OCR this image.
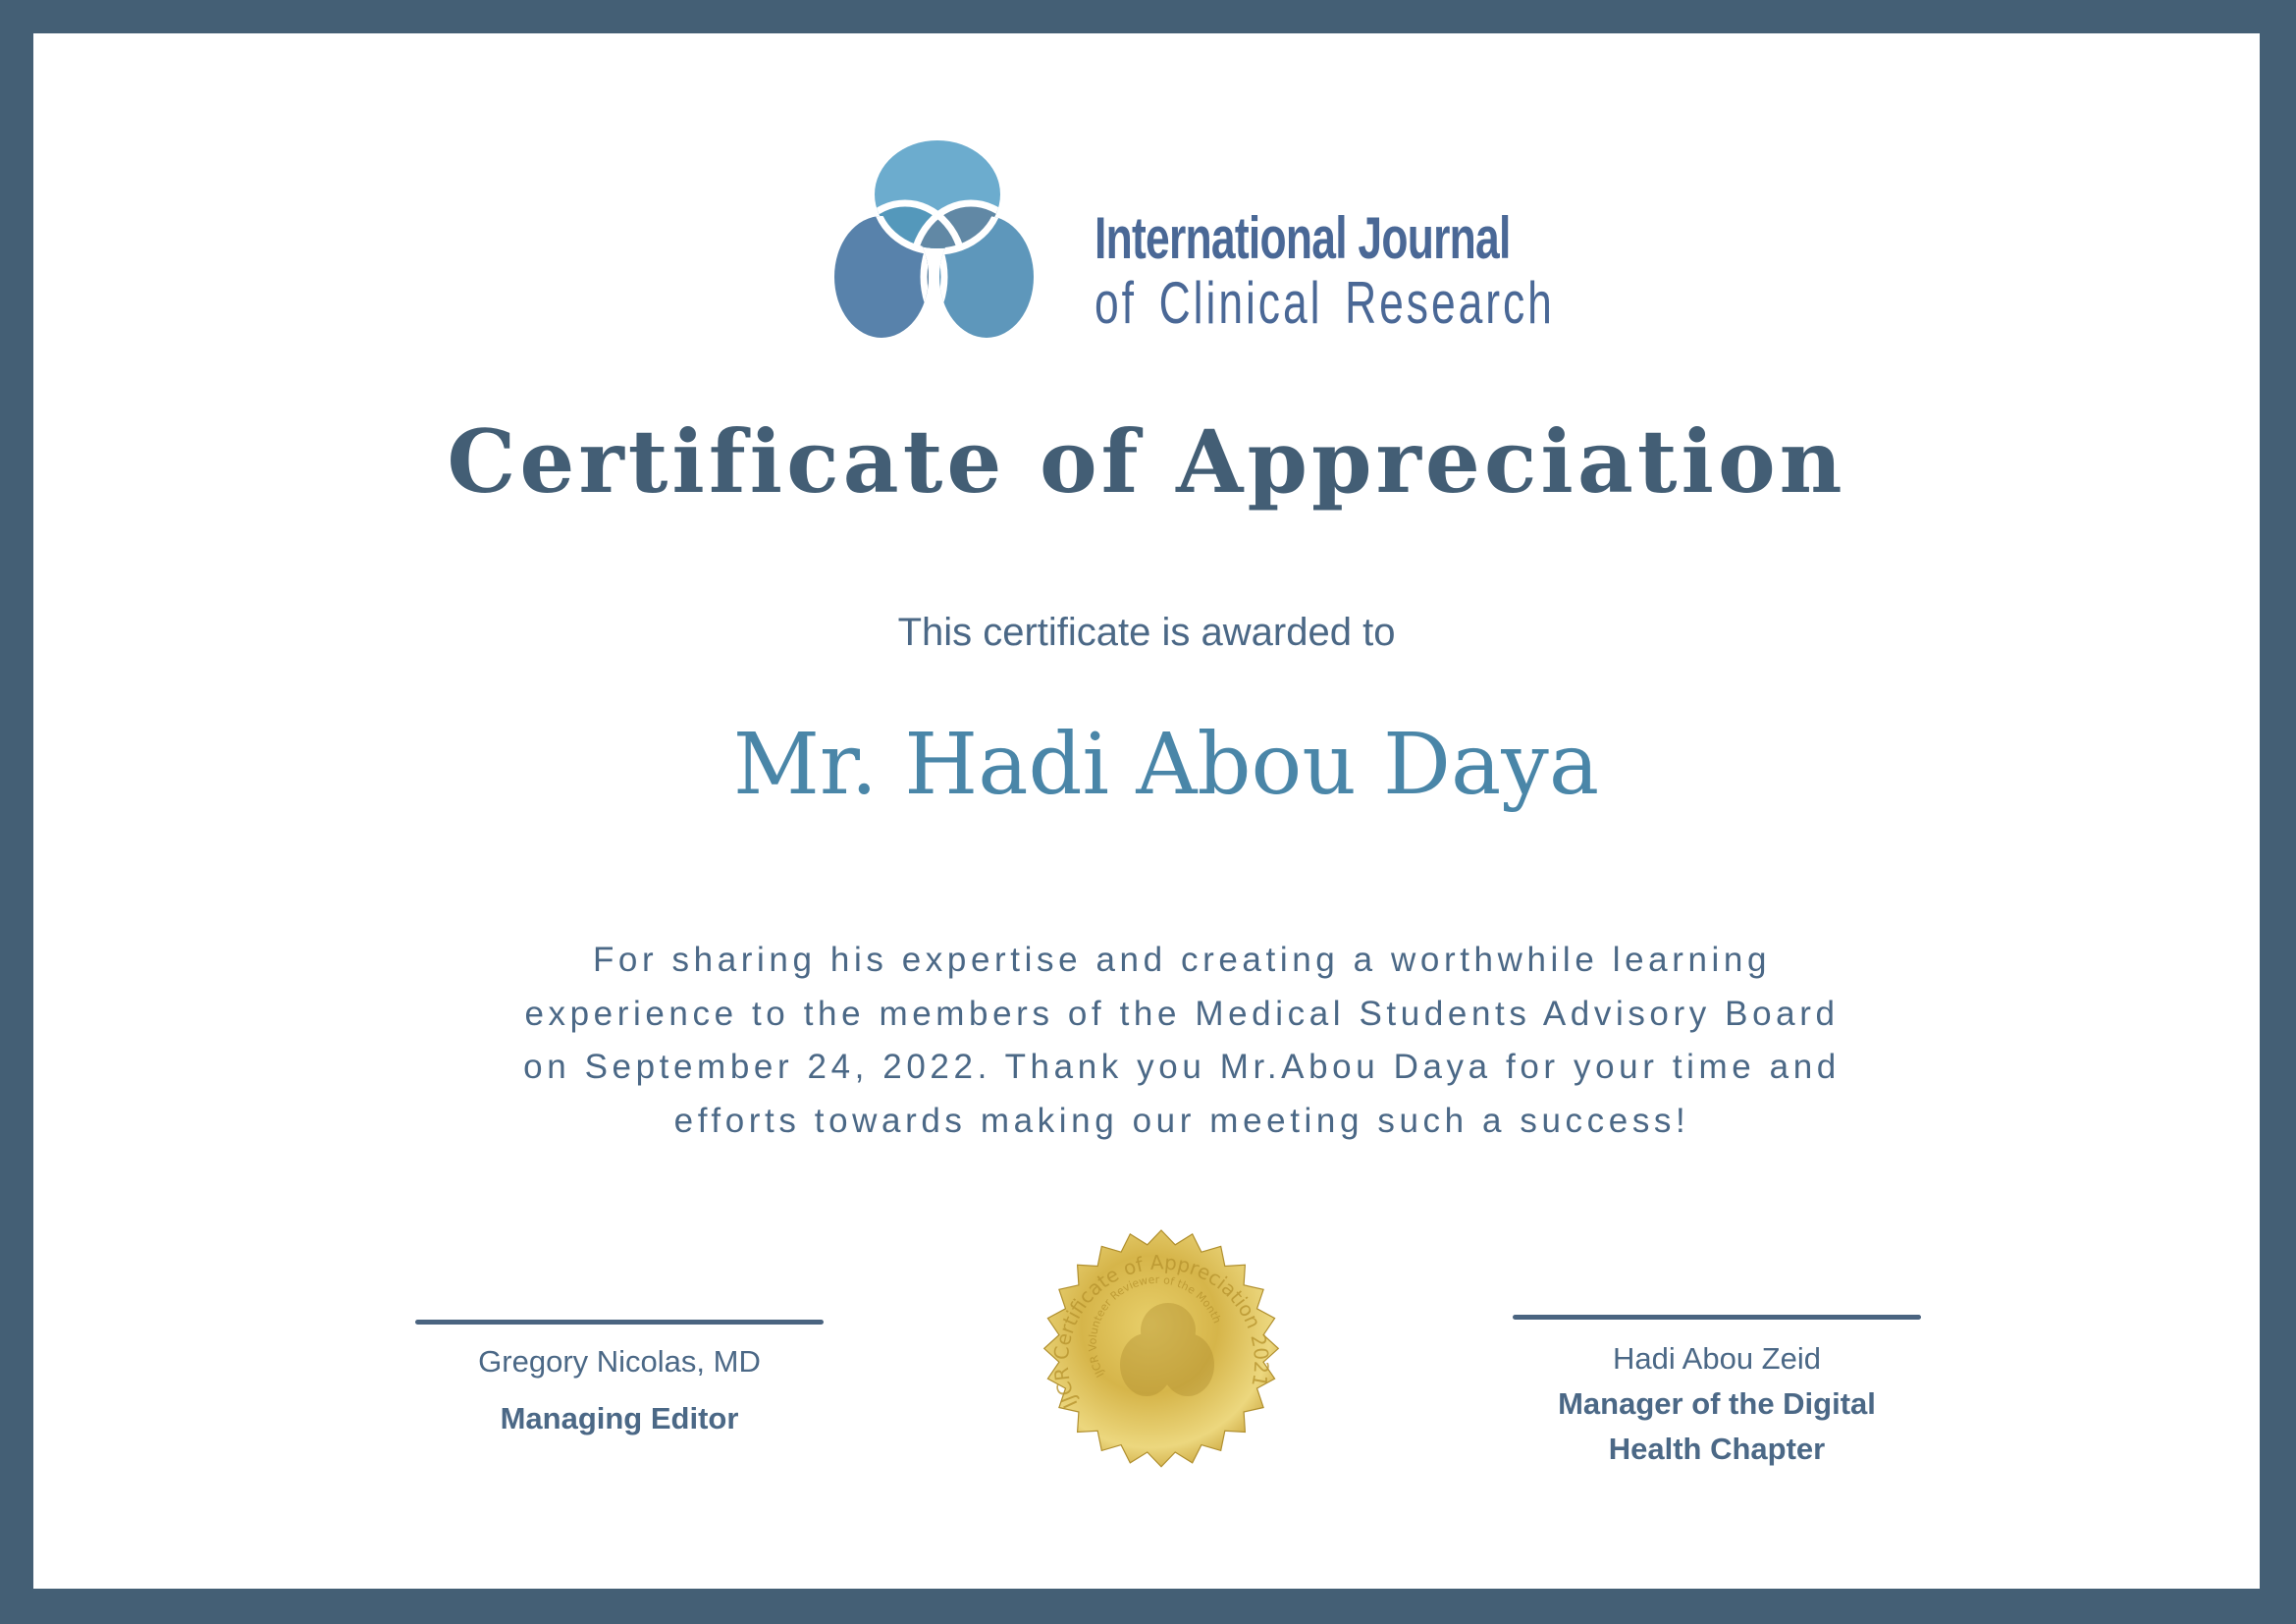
International Journal
of Clinical Research
Certificate of Appreciation
This certificate is awarded to
Mr. Hadi Abou Daya
For sharing his expertise and creating a worthwhile learning
experience to the members of the Medical Students Advisory Board
on September 24, 2022. Thank you Mr.Abou Daya for your time and
efforts towards making our meeting such a success!
Gregory Nicolas, MD
Managing Editor	IJCR Certificate of Appreciation 2021
IJCR Volunteer Reviewer of the Month
Hadi Abou Zeid
Manager of the Digital
Health Chapter
